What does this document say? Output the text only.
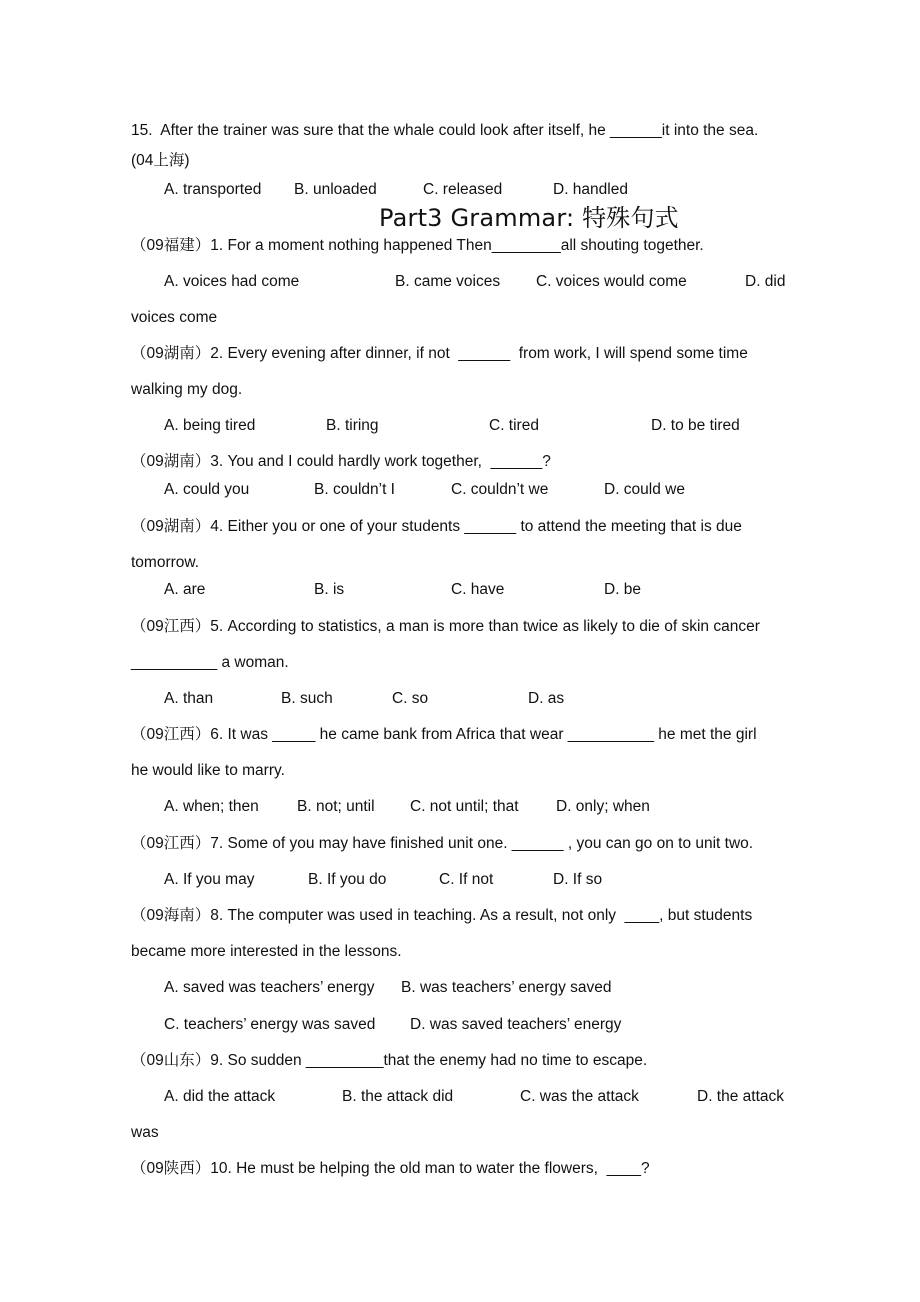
15.  After the trainer was sure that the whale could look after itself, he ______it into the sea.
(04上海)
A. transported B. unloaded	C. released	D. handled
Part3 Grammar: 特殊句式
（09福建）1. For a moment nothing happened Then________all shouting together.
A. voices had come	B. came voices C. voices would come	D. did
voices come
（09湖南）2. Every evening after dinner, if not  ______  from work, I will spend some time
walking my dog.
A. being tired	B. tiring	C. tired	D. to be tired
（09湖南）3. You and I could hardly work together,  ______?
A. could you	B. couldn’t I	C. couldn’t we	D. could we
（09湖南）4. Either you or one of your students ______ to attend the meeting that is due
tomorrow.
A. are	B. is	C. have	D. be
（09江西）5. According to statistics, a man is more than twice as likely to die of skin cancer
__________ a woman.
A. than	B. such	C. so	D. as
（09江西）6. It was _____ he came bank from Africa that wear __________ he met the girl
he would like to marry.
A. when; then B. not; until C. not until; that D. only; when
（09江西）7. Some of you may have finished unit one. ______ , you can go on to unit two.
A. If you may	B. If you do	C. If not	D. If so
（09海南）8. The computer was used in teaching. As a result, not only  ____, but students
became more interested in the lessons.
A. saved was teachers’ energy B. was teachers’ energy saved
C. teachers’ energy was saved D. was saved teachers’ energy
（09山东）9. So sudden _________that the enemy had no time to escape.
A. did the attack	B. the attack did	C. was the attack	D. the attack
was
（09陕西）10. He must be helping the old man to water the flowers,  ____?
